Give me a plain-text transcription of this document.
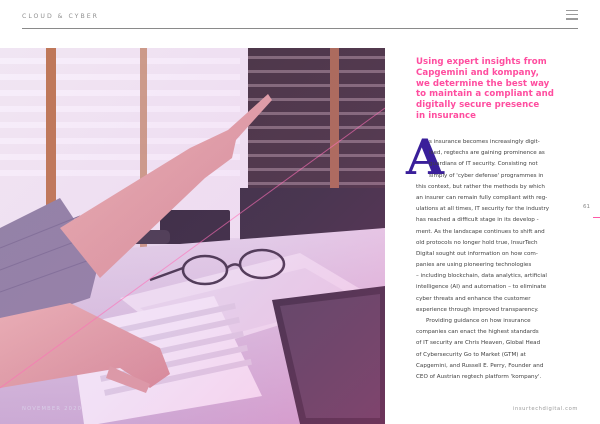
CLOUD & CYBER
Using expert insights from
Capgemini and kompany,
we determine the best way
to maintain a compliant and
digitally secure presence
in insurance
A
s insurance becomes increasingly digit-
ised, regtechs are gaining prominence as
guardians of IT security. Consisting not
simply of 'cyber defense' programmes in
this context, but rather the methods by which
an insurer can remain fully compliant with reg-
ulations at all times, IT security for the industry
has reached a difficult stage in its develop -
ment. As the landscape continues to shift and
old protocols no longer hold true, InsurTech
Digital sought out information on how com-
panies are using pioneering technologies
– including blockchain, data analytics, artificial
intelligence (AI) and automation – to eliminate
cyber threats and enhance the customer
experience through improved transparency.
Providing guidance on how insurance
companies can enact the highest standards
of IT security are Chris Heaven, Global Head
of Cybersecurity Go to Market (GTM) at
Capgemini, and Russell E. Perry, Founder and
CEO of Austrian regtech platform 'kompany'.
61
NOVEMBER 2020	insurtechdigital.com
